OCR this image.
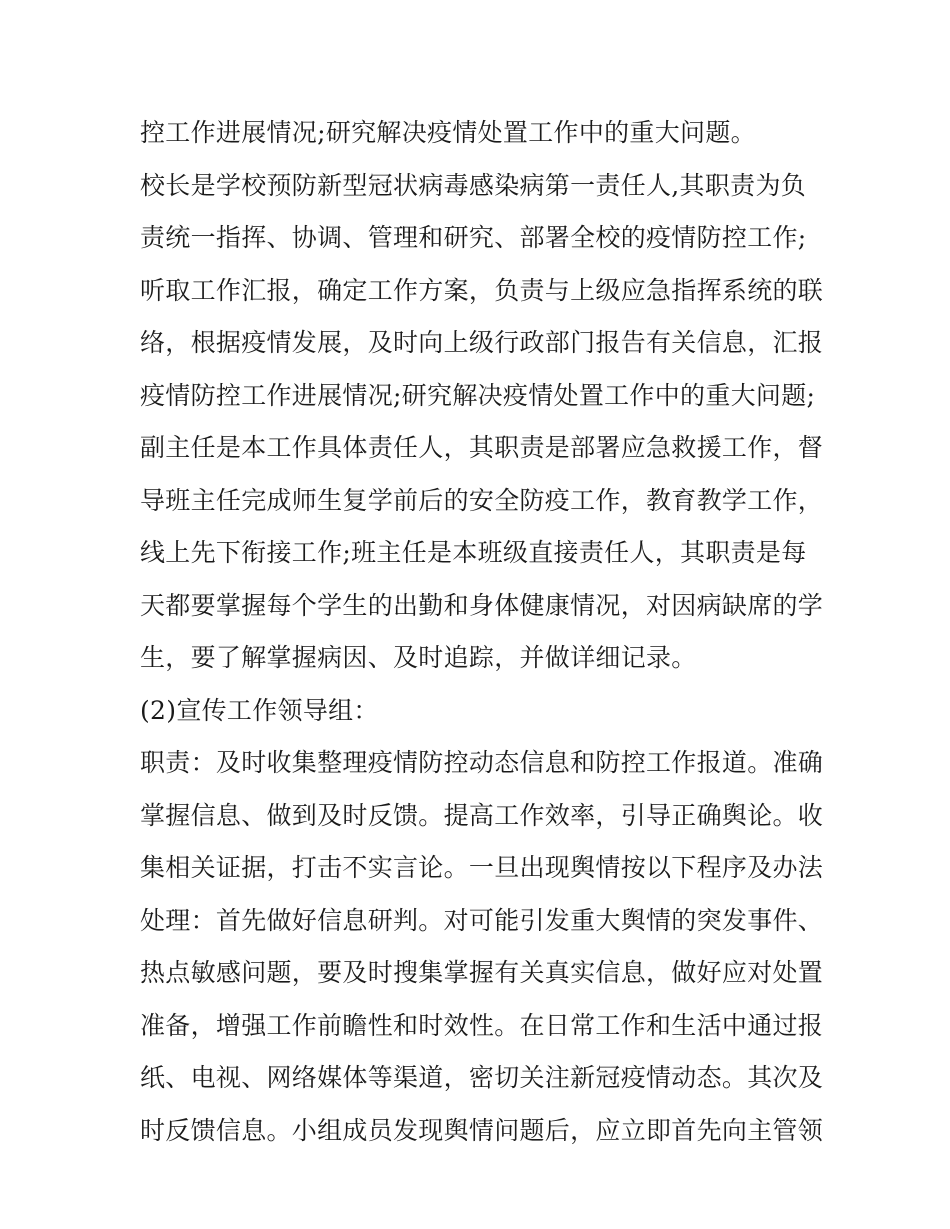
控工作进展情况;研究解决疫情处置工作中的重大问题。
校长是学校预防新型冠状病毒感染病第一责任人,其职责为负
责统一指挥、协调、管理和研究、部署全校的疫情防控工作;
听取工作汇报，确定工作方案，负责与上级应急指挥系统的联
络，根据疫情发展，及时向上级行政部门报告有关信息，汇报
疫情防控工作进展情况;研究解决疫情处置工作中的重大问题;
副主任是本工作具体责任人，其职责是部署应急救援工作，督
导班主任完成师生复学前后的安全防疫工作，教育教学工作，
线上先下衔接工作;班主任是本班级直接责任人，其职责是每
天都要掌握每个学生的出勤和身体健康情况，对因病缺席的学
生，要了解掌握病因、及时追踪，并做详细记录。
(2)宣传工作领导组：
职责：及时收集整理疫情防控动态信息和防控工作报道。准确
掌握信息、做到及时反馈。提高工作效率，引导正确舆论。收
集相关证据，打击不实言论。一旦出现舆情按以下程序及办法
处理：首先做好信息研判。对可能引发重大舆情的突发事件、
热点敏感问题，要及时搜集掌握有关真实信息，做好应对处置
准备，增强工作前瞻性和时效性。在日常工作和生活中通过报
纸、电视、网络媒体等渠道，密切关注新冠疫情动态。其次及
时反馈信息。小组成员发现舆情问题后，应立即首先向主管领
